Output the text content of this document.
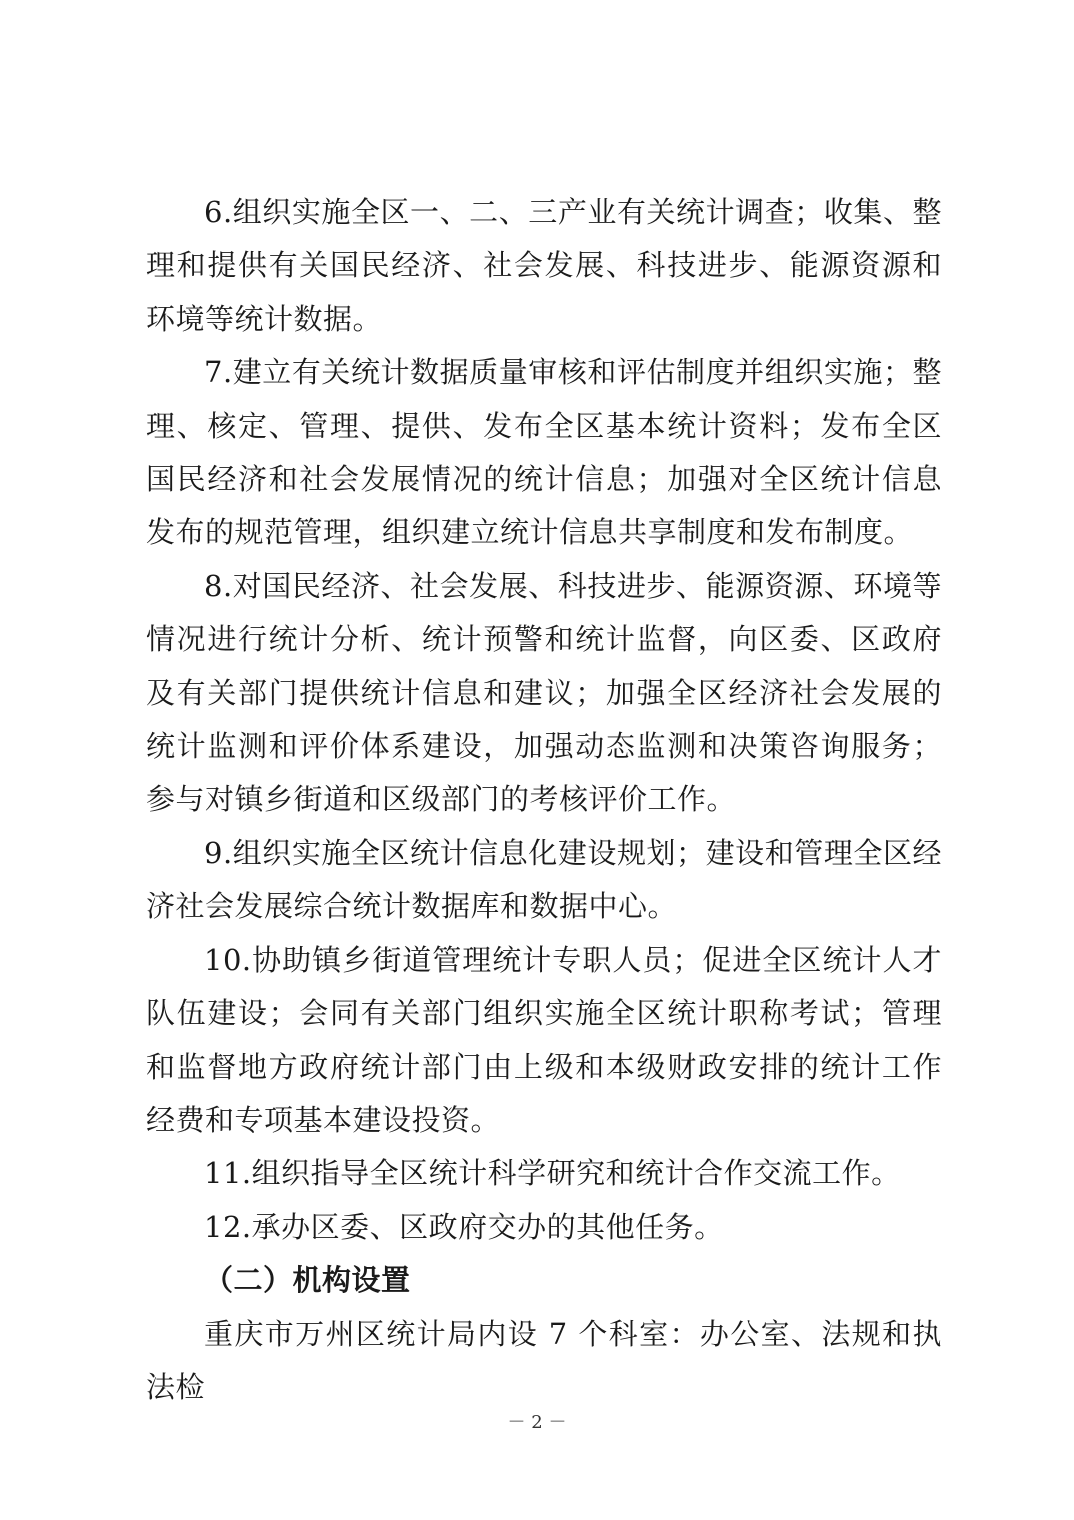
6.组织实施全区一、二、三产业有关统计调查；收集、整理和提供有关国民经济、社会发展、科技进步、能源资源和环境等统计数据。

7.建立有关统计数据质量审核和评估制度并组织实施；整理、核定、管理、提供、发布全区基本统计资料；发布全区国民经济和社会发展情况的统计信息；加强对全区统计信息发布的规范管理，组织建立统计信息共享制度和发布制度。

8.对国民经济、社会发展、科技进步、能源资源、环境等情况进行统计分析、统计预警和统计监督，向区委、区政府及有关部门提供统计信息和建议；加强全区经济社会发展的统计监测和评价体系建设，加强动态监测和决策咨询服务；参与对镇乡街道和区级部门的考核评价工作。

9.组织实施全区统计信息化建设规划；建设和管理全区经济社会发展综合统计数据库和数据中心。

10.协助镇乡街道管理统计专职人员；促进全区统计人才队伍建设；会同有关部门组织实施全区统计职称考试；管理和监督地方政府统计部门由上级和本级财政安排的统计工作经费和专项基本建设投资。

11.组织指导全区统计科学研究和统计合作交流工作。

12.承办区委、区政府交办的其他任务。

（二）机构设置

重庆市万州区统计局内设 7 个科室：办公室、法规和执法检

－ 2 －
